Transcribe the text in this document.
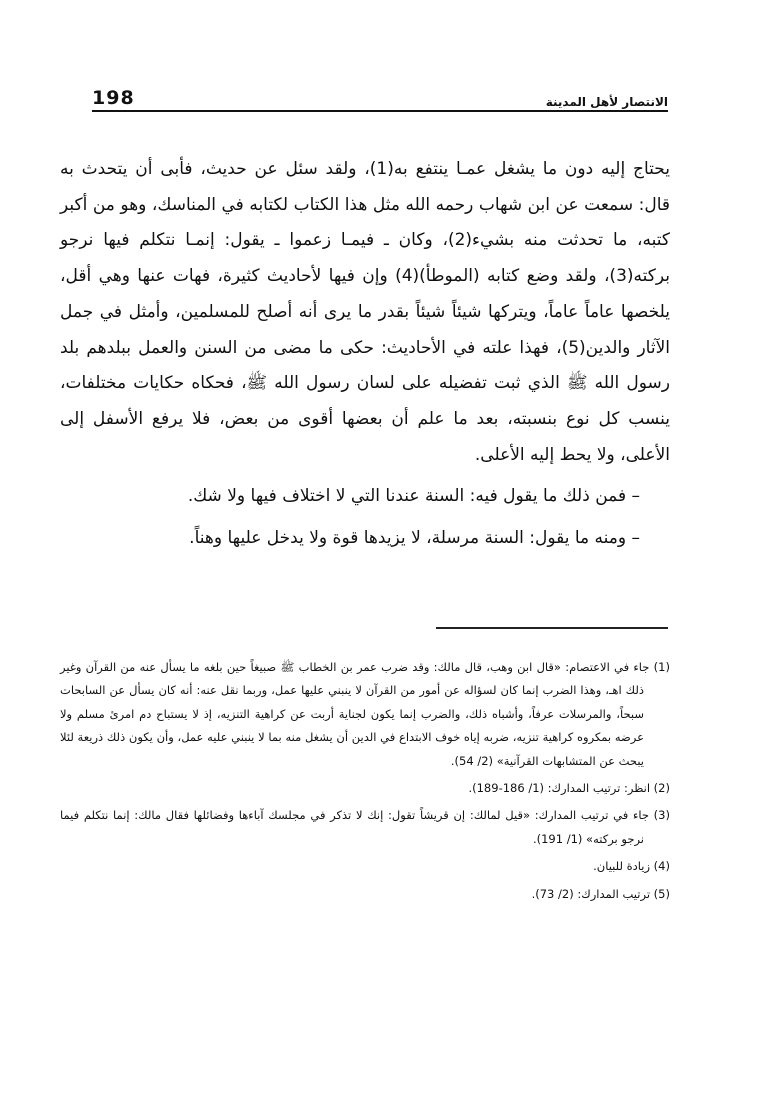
الانتصار لأهل المدينة
198

يحتاج إليه دون ما يشغل عمـا ينتفع به(1)، ولقد سئل عن حديث، فأبى أن يتحدث به قال: سمعت عن ابن شهاب رحمه الله مثل هذا الكتاب لكتابه في المناسك، وهو من أكبر كتبه، ما تحدثت منه بشيء(2)، وكان ـ فيمـا زعموا ـ يقول: إنمـا نتكلم فيها نرجو بركته(3)، ولقد وضع كتابه (الموطأ)(4) وإن فيها لأحاديث كثيرة، فهات عنها وهي أقل، يلخصها عاماً عاماً، ويتركها شيئاً شيئاً بقدر ما يرى أنه أصلح للمسلمين، وأمثل في جمل الآثار والدين(5)، فهذا علته في الأحاديث: حكى ما مضى من السنن والعمل ببلدهم بلد رسول الله ﷺ الذي ثبت تفضيله على لسان رسول الله ﷺ، فحكاه حكايات مختلفات، ينسب كل نوع بنسبته، بعد ما علم أن بعضها أقوى من بعض، فلا يرفع الأسفل إلى الأعلى، ولا يحط إليه الأعلى.

– فمن ذلك ما يقول فيه: السنة عندنا التي لا اختلاف فيها ولا شك.

– ومنه ما يقول: السنة مرسلة، لا يزيدها قوة ولا يدخل عليها وهناً.

(1) جاء في الاعتصام: «قال ابن وهب، قال مالك: وقد ضرب عمر بن الخطاب ﷺ صبيغاً حين بلغه ما يسأل عنه من القرآن وغير ذلك اهـ، وهذا الضرب إنما كان لسؤاله عن أمور من القرآن لا ينبني عليها عمل، وربما نقل عنه: أنه كان يسأل عن السابحات سبحاً، والمرسلات عرفاً، وأشباه ذلك، والضرب إنما يكون لجناية أربت عن كراهية التنزيه، إذ لا يستباح دم امرئ مسلم ولا عرضه بمكروه كراهية تنزيه، ضربه إياه خوف الابتداع في الدين أن يشغل منه بما لا ينبني عليه عمل، وأن يكون ذلك ذريعة لئلا يبحث عن المتشابهات القرآنية» (2/ 54).

(2) انظر: ترتيب المدارك: (1/ 186-189).

(3) جاء في ترتيب المدارك: «قيل لمالك: إن قريشاً تقول: إنك لا تذكر في مجلسك آباءها وفضائلها فقال مالك: إنما نتكلم فيما نرجو بركته» (1/ 191).

(4) زيادة للبيان.

(5) ترتيب المدارك: (2/ 73).
